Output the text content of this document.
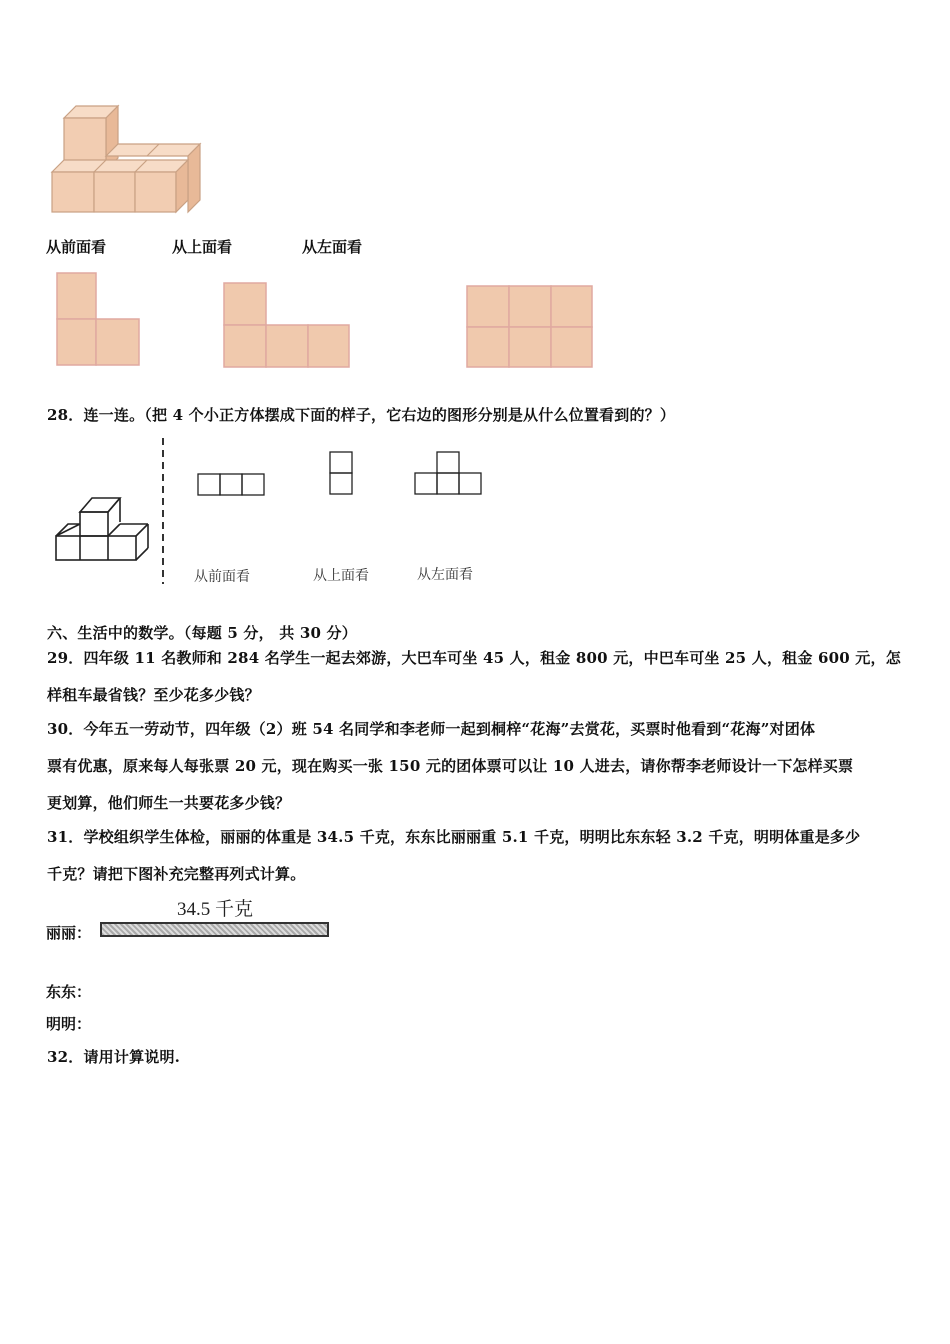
从前面看	从上面看	从左面看
28．连一连。（把 4 个小正方体摆成下面的样子，它右边的图形分别是从什么位置看到的？）
从前面看	从上面看	从左面看
六、生活中的数学。（每题 5 分， 共 30 分）
29．四年级 11 名教师和 284 名学生一起去郊游，大巴车可坐 45 人，租金 800 元，中巴车可坐 25 人，租金 600 元，怎
样租车最省钱？至少花多少钱？
30．今年五一劳动节，四年级（2）班 54 名同学和李老师一起到桐梓“花海”去赏花，买票时他看到“花海”对团体
票有优惠，原来每人每张票 20 元，现在购买一张 150 元的团体票可以让 10 人进去，请你帮李老师设计一下怎样买票
更划算，他们师生一共要花多少钱？
31．学校组织学生体检，丽丽的体重是 34.5 千克，东东比丽丽重 5.1 千克，明明比东东轻 3.2 千克，明明体重是多少
千克？请把下图补充完整再列式计算。
34.5 千克
丽丽：
东东：
明明：
32．请用计算说明.
